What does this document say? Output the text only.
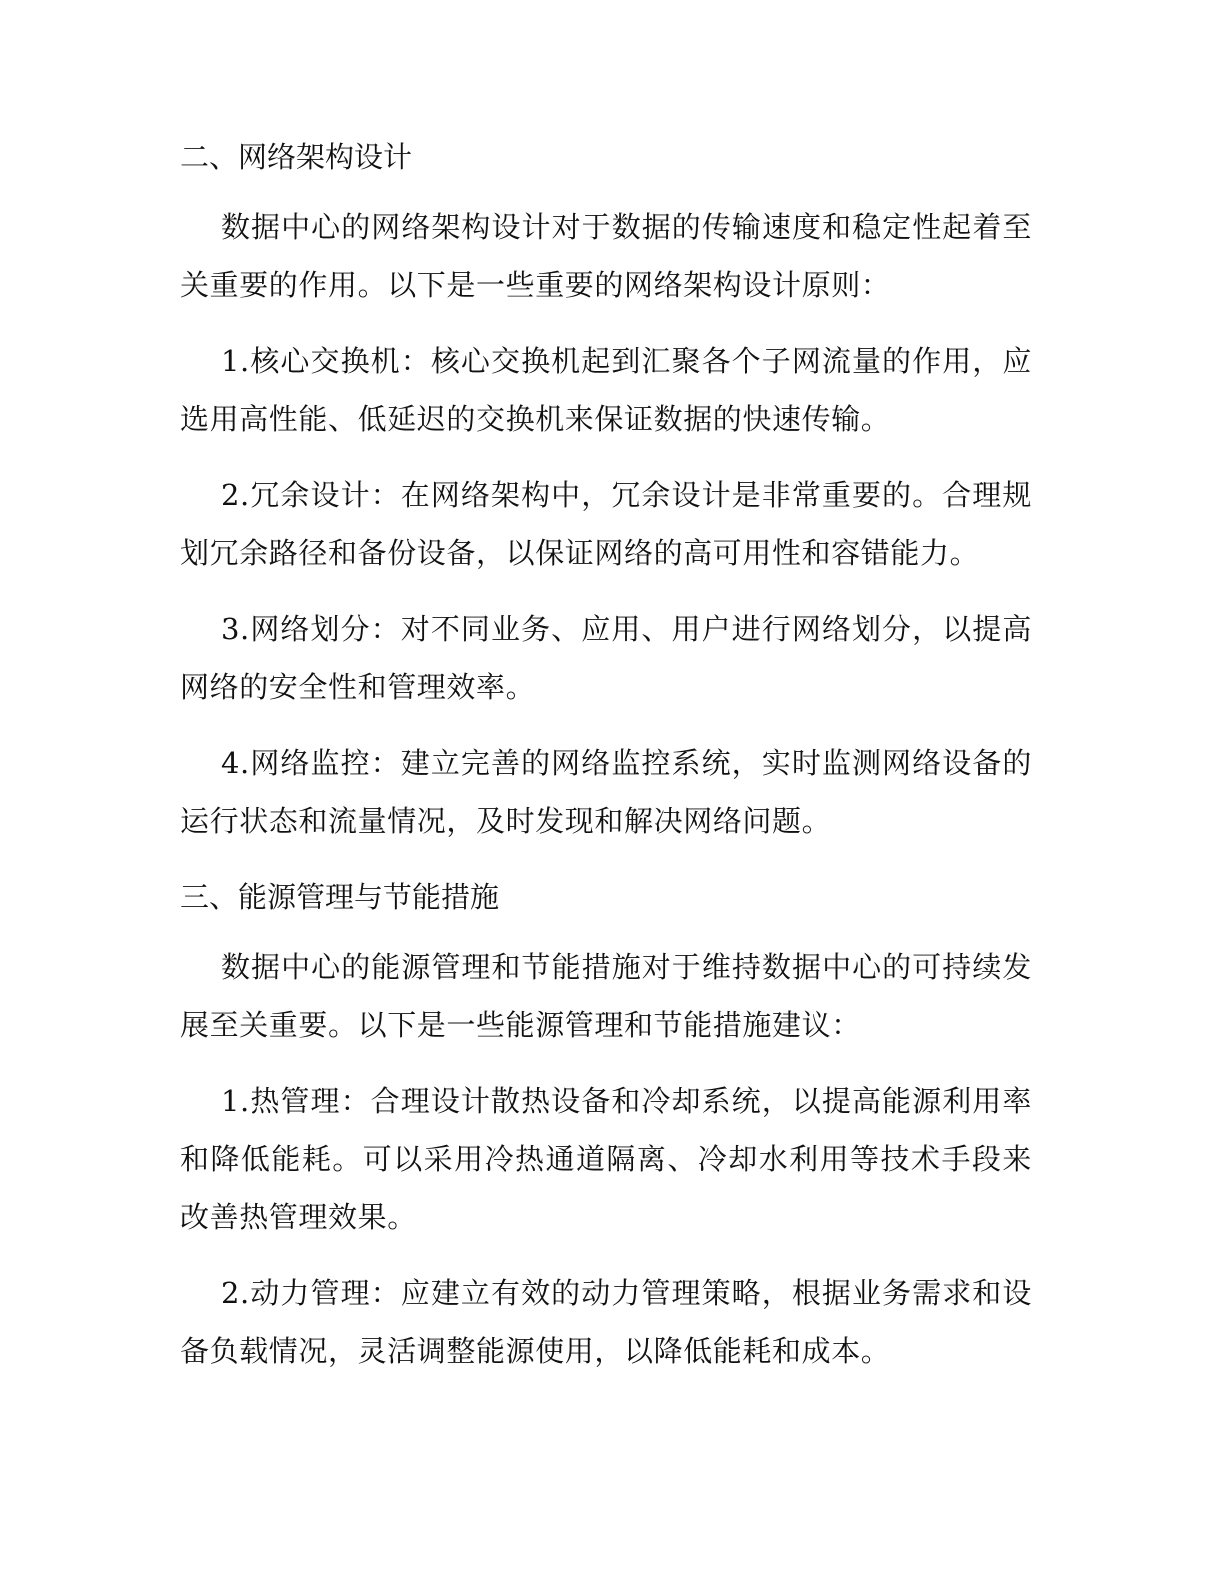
二、网络架构设计

数据中心的网络架构设计对于数据的传输速度和稳定性起着至关重要的作用。以下是一些重要的网络架构设计原则：

1.核心交换机：核心交换机起到汇聚各个子网流量的作用，应选用高性能、低延迟的交换机来保证数据的快速传输。

2.冗余设计：在网络架构中，冗余设计是非常重要的。合理规划冗余路径和备份设备，以保证网络的高可用性和容错能力。

3.网络划分：对不同业务、应用、用户进行网络划分，以提高网络的安全性和管理效率。

4.网络监控：建立完善的网络监控系统，实时监测网络设备的运行状态和流量情况，及时发现和解决网络问题。

三、能源管理与节能措施

数据中心的能源管理和节能措施对于维持数据中心的可持续发展至关重要。以下是一些能源管理和节能措施建议：

1.热管理：合理设计散热设备和冷却系统，以提高能源利用率和降低能耗。可以采用冷热通道隔离、冷却水利用等技术手段来改善热管理效果。

2.动力管理：应建立有效的动力管理策略，根据业务需求和设备负载情况，灵活调整能源使用，以降低能耗和成本。
